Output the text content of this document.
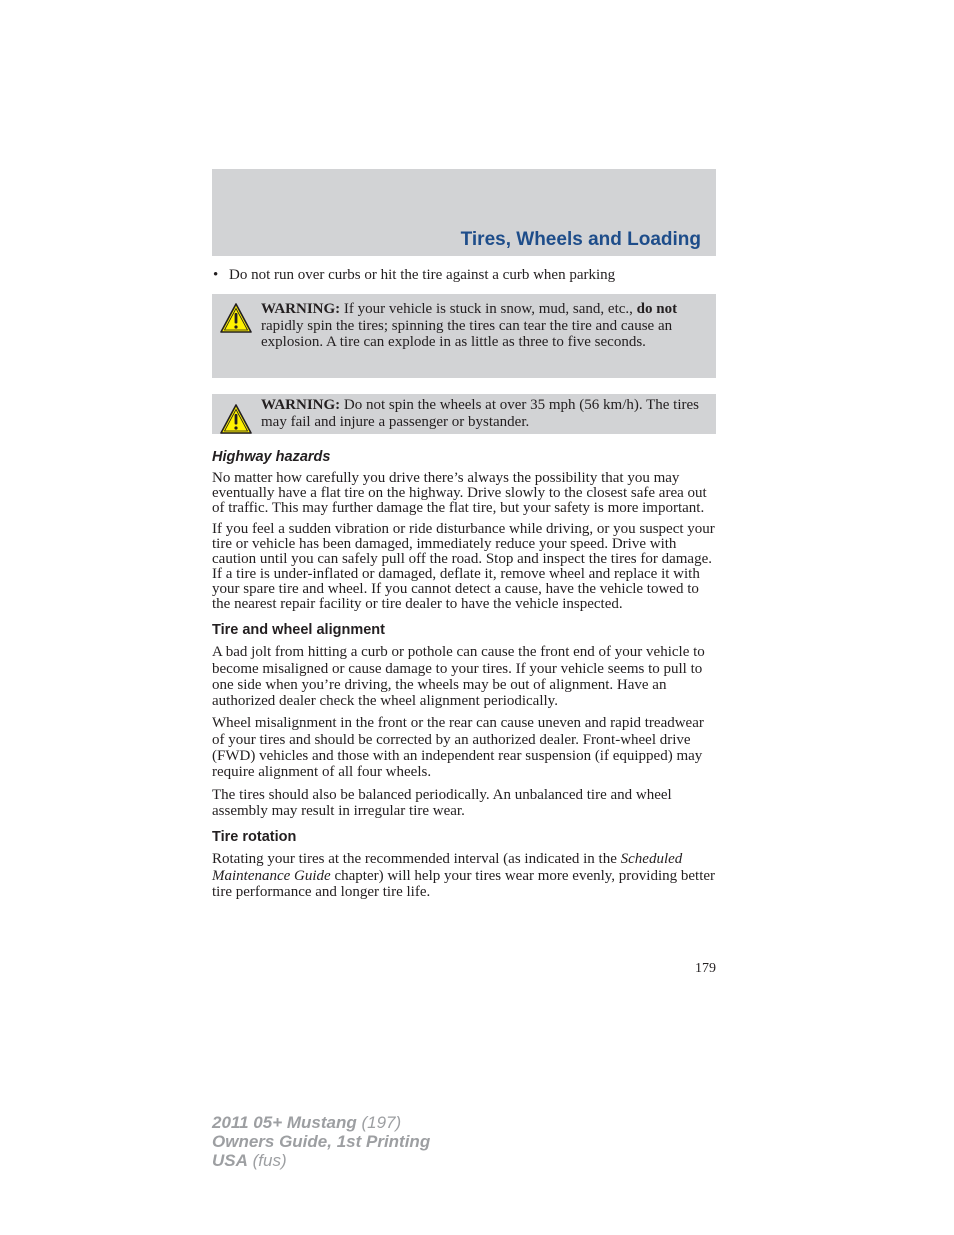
Tires, Wheels and Loading
• Do not run over curbs or hit the tire against a curb when parking
WARNING: If your vehicle is stuck in snow, mud, sand, etc., do not rapidly spin the tires; spinning the tires can tear the tire and cause an explosion. A tire can explode in as little as three to five seconds.
WARNING: Do not spin the wheels at over 35 mph (56 km/h). The tires may fail and injure a passenger or bystander.
Highway hazards

No matter how carefully you drive there’s always the possibility that you may eventually have a flat tire on the highway. Drive slowly to the closest safe area out of traffic. This may further damage the flat tire, but your safety is more important.

If you feel a sudden vibration or ride disturbance while driving, or you suspect your tire or vehicle has been damaged, immediately reduce your speed. Drive with caution until you can safely pull off the road. Stop and inspect the tires for damage. If a tire is under-inflated or damaged, deflate it, remove wheel and replace it with your spare tire and wheel. If you cannot detect a cause, have the vehicle towed to the nearest repair facility or tire dealer to have the vehicle inspected.

Tire and wheel alignment

A bad jolt from hitting a curb or pothole can cause the front end of your vehicle to become misaligned or cause damage to your tires. If your vehicle seems to pull to one side when you’re driving, the wheels may be out of alignment. Have an authorized dealer check the wheel alignment periodically.

Wheel misalignment in the front or the rear can cause uneven and rapid treadwear of your tires and should be corrected by an authorized dealer. Front-wheel drive (FWD) vehicles and those with an independent rear suspension (if equipped) may require alignment of all four wheels.

The tires should also be balanced periodically. An unbalanced tire and wheel assembly may result in irregular tire wear.

Tire rotation

Rotating your tires at the recommended interval (as indicated in the Scheduled Maintenance Guide chapter) will help your tires wear more evenly, providing better tire performance and longer tire life.

179
2011 05+ Mustang (197)
Owners Guide, 1st Printing
USA (fus)
